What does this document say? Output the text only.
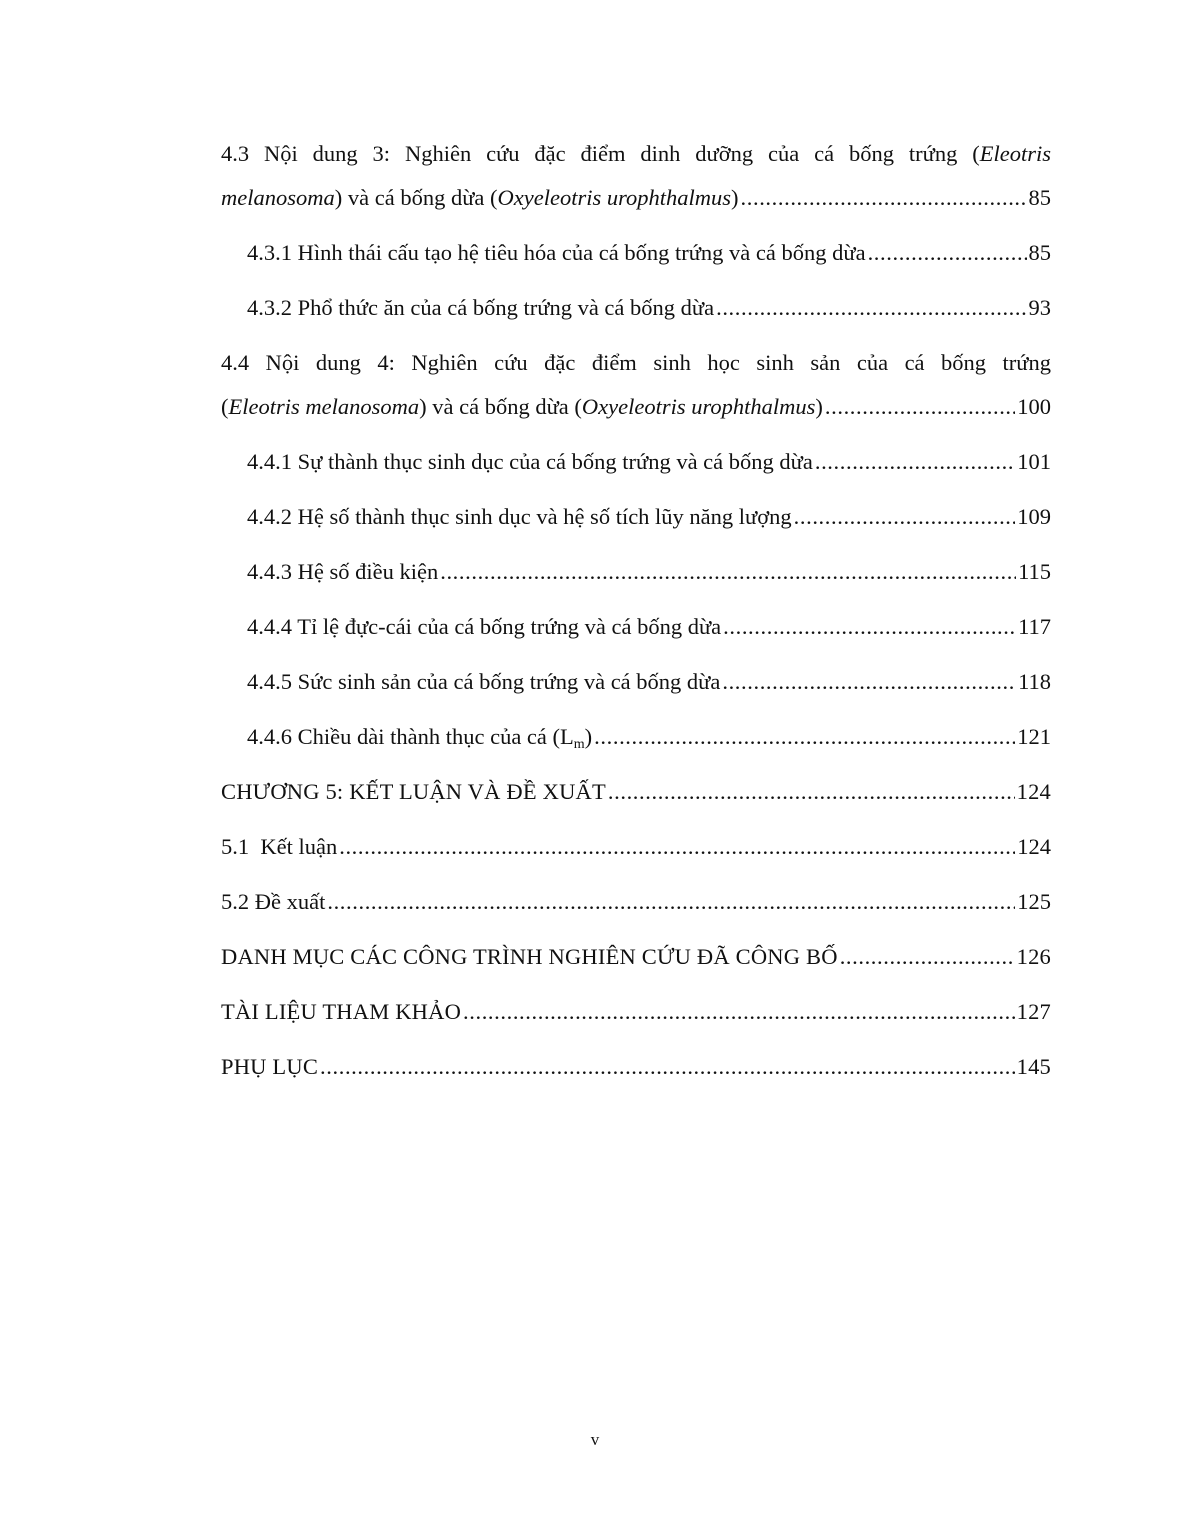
4.3 Nội dung 3: Nghiên cứu đặc điểm dinh dưỡng của cá bống trứng (Eleotris
melanosoma) và cá bống dừa (Oxyeleotris urophthalmus) .....	85
4.3.1 Hình thái cấu tạo hệ tiêu hóa của cá bống trứng và cá bống dừa .....	85
4.3.2 Phổ thức ăn của cá bống trứng và cá bống dừa .....	93
4.4 Nội dung 4: Nghiên cứu đặc điểm sinh học sinh sản của cá bống trứng
(Eleotris melanosoma) và cá bống dừa (Oxyeleotris urophthalmus) .....	100
4.4.1 Sự thành thục sinh dục của cá bống trứng và cá bống dừa .....	101
4.4.2 Hệ số thành thục sinh dục và hệ số tích lũy năng lượng .....	109
4.4.3 Hệ số điều kiện .....	115
4.4.4 Tỉ lệ đực-cái của cá bống trứng và cá bống dừa .....	117
4.4.5 Sức sinh sản của cá bống trứng và cá bống dừa .....	118
4.4.6 Chiều dài thành thục của cá $(L_m)$ .....	121
CHƯƠNG 5: KẾT LUẬN VÀ ĐỀ XUẤT .....	124
5.1  Kết luận .....	124
5.2 Đề xuất .....	125
DANH MỤC CÁC CÔNG TRÌNH NGHIÊN CỨU ĐÃ CÔNG BỐ .....	126
TÀI LIỆU THAM KHẢO .....	127
PHỤ LỤC .....	145
v
